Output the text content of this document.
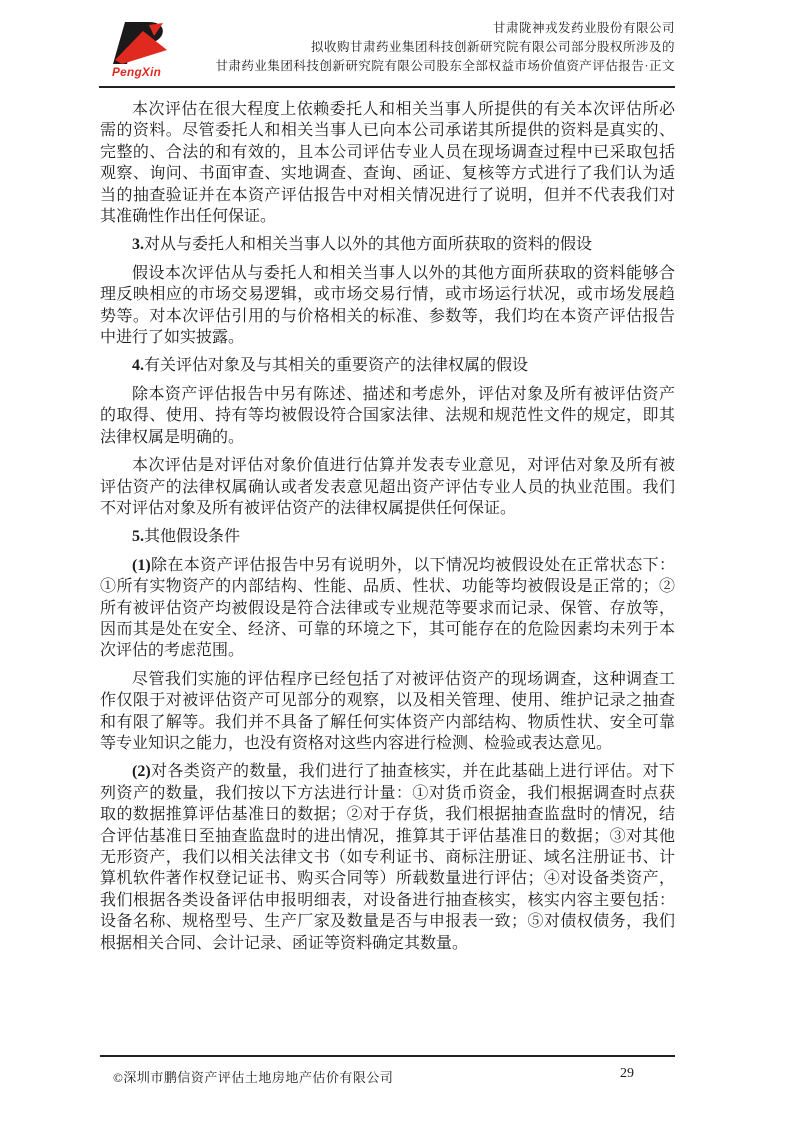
PengXin
甘肃陇神戎发药业股份有限公司
拟收购甘肃药业集团科技创新研究院有限公司部分股权所涉及的
甘肃药业集团科技创新研究院有限公司股东全部权益市场价值资产评估报告·正文

本次评估在很大程度上依赖委托人和相关当事人所提供的有关本次评估所必需的资料。尽管委托人和相关当事人已向本公司承诺其所提供的资料是真实的、完整的、合法的和有效的，且本公司评估专业人员在现场调查过程中已采取包括观察、询问、书面审查、实地调查、查询、函证、复核等方式进行了我们认为适当的抽查验证并在本资产评估报告中对相关情况进行了说明，但并不代表我们对其准确性作出任何保证。

3.对从与委托人和相关当事人以外的其他方面所获取的资料的假设

假设本次评估从与委托人和相关当事人以外的其他方面所获取的资料能够合理反映相应的市场交易逻辑，或市场交易行情，或市场运行状况，或市场发展趋势等。对本次评估引用的与价格相关的标准、参数等，我们均在本资产评估报告中进行了如实披露。

4.有关评估对象及与其相关的重要资产的法律权属的假设

除本资产评估报告中另有陈述、描述和考虑外，评估对象及所有被评估资产的取得、使用、持有等均被假设符合国家法律、法规和规范性文件的规定，即其法律权属是明确的。

本次评估是对评估对象价值进行估算并发表专业意见，对评估对象及所有被评估资产的法律权属确认或者发表意见超出资产评估专业人员的执业范围。我们不对评估对象及所有被评估资产的法律权属提供任何保证。

5.其他假设条件

(1)除在本资产评估报告中另有说明外，以下情况均被假设处在正常状态下：①所有实物资产的内部结构、性能、品质、性状、功能等均被假设是正常的；②所有被评估资产均被假设是符合法律或专业规范等要求而记录、保管、存放等，因而其是处在安全、经济、可靠的环境之下，其可能存在的危险因素均未列于本次评估的考虑范围。

尽管我们实施的评估程序已经包括了对被评估资产的现场调查，这种调查工作仅限于对被评估资产可见部分的观察，以及相关管理、使用、维护记录之抽查和有限了解等。我们并不具备了解任何实体资产内部结构、物质性状、安全可靠等专业知识之能力，也没有资格对这些内容进行检测、检验或表达意见。

(2)对各类资产的数量，我们进行了抽查核实，并在此基础上进行评估。对下列资产的数量，我们按以下方法进行计量：①对货币资金，我们根据调查时点获取的数据推算评估基准日的数据；②对于存货，我们根据抽查监盘时的情况，结合评估基准日至抽查监盘时的进出情况，推算其于评估基准日的数据；③对其他无形资产，我们以相关法律文书（如专利证书、商标注册证、域名注册证书、计算机软件著作权登记证书、购买合同等）所载数量进行评估；④对设备类资产，我们根据各类设备评估申报明细表，对设备进行抽查核实，核实内容主要包括：设备名称、规格型号、生产厂家及数量是否与申报表一致；⑤对债权债务，我们根据相关合同、会计记录、函证等资料确定其数量。

©深圳市鹏信资产评估土地房地产估价有限公司	29
